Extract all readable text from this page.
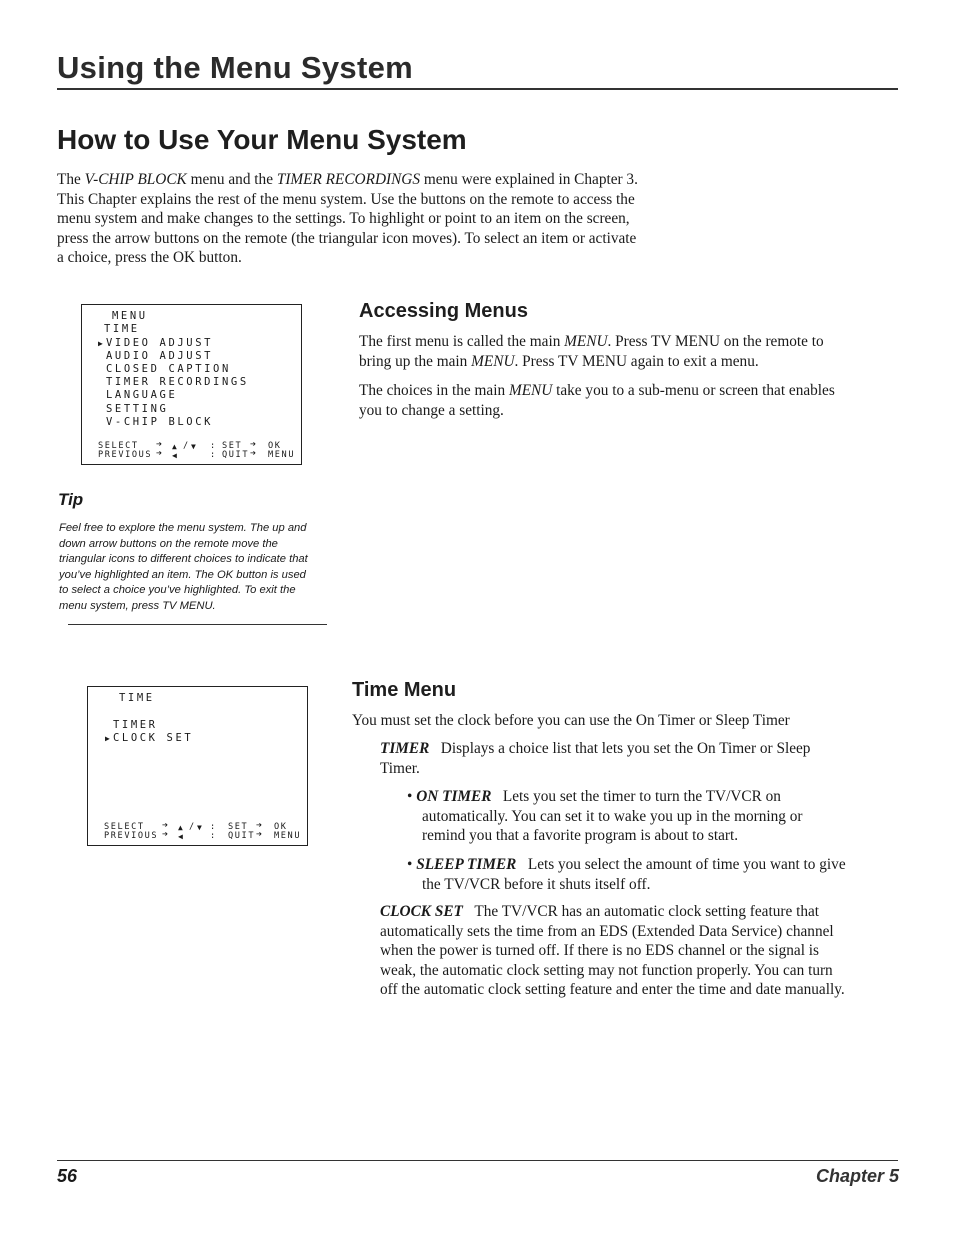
Using the Menu System
How to Use Your Menu System
The V-CHIP BLOCK menu and the TIMER RECORDINGS menu were explained in Chapter 3.
This Chapter explains the rest of the menu system. Use the buttons on the remote to access the
menu system and make changes to the settings. To highlight or point to an item on the screen,
press the arrow buttons on the remote (the triangular icon moves). To select an item or activate
a choice, press the OK button.
MENU
TIME
▶ VIDEO ADJUST
AUDIO ADJUST
CLOSED CAPTION
TIMER RECORDINGS
LANGUAGE
SETTING
V-CHIP BLOCK
SELECT ➔ ▲ / ▼ : SET ➔ OK
PREVIOUS ➔ ◀	: QUIT ➔ MENU
Accessing Menus
The first menu is called the main MENU. Press TV MENU on the remote to
bring up the main MENU. Press TV MENU again to exit a menu.
The choices in the main MENU take you to a sub-menu or screen that enables
you to change a setting.
Tip
Feel free to explore the menu system. The up and
down arrow buttons on the remote move the
triangular icons to different choices to indicate that
you’ve highlighted an item. The OK button is used
to select a choice you’ve highlighted. To exit the
menu system, press TV MENU.
TIME
TIMER
▶ CLOCK SET
SELECT ➔ ▲ / ▼ : SET ➔ OK
PREVIOUS ➔ ◀	: QUIT ➔ MENU
Time Menu
You must set the clock before you can use the On Timer or Sleep Timer
TIMER Displays a choice list that lets you set the On Timer or Sleep
Timer.
• ON TIMER Lets you set the timer to turn the TV/VCR on
automatically. You can set it to wake you up in the morning or
remind you that a favorite program is about to start.
• SLEEP TIMER Lets you select the amount of time you want to give
the TV/VCR before it shuts itself off.
CLOCK SET The TV/VCR has an automatic clock setting feature that
automatically sets the time from an EDS (Extended Data Service) channel
when the power is turned off. If there is no EDS channel or the signal is
weak, the automatic clock setting may not function properly. You can turn
off the automatic clock setting feature and enter the time and date manually.
56	Chapter 5
